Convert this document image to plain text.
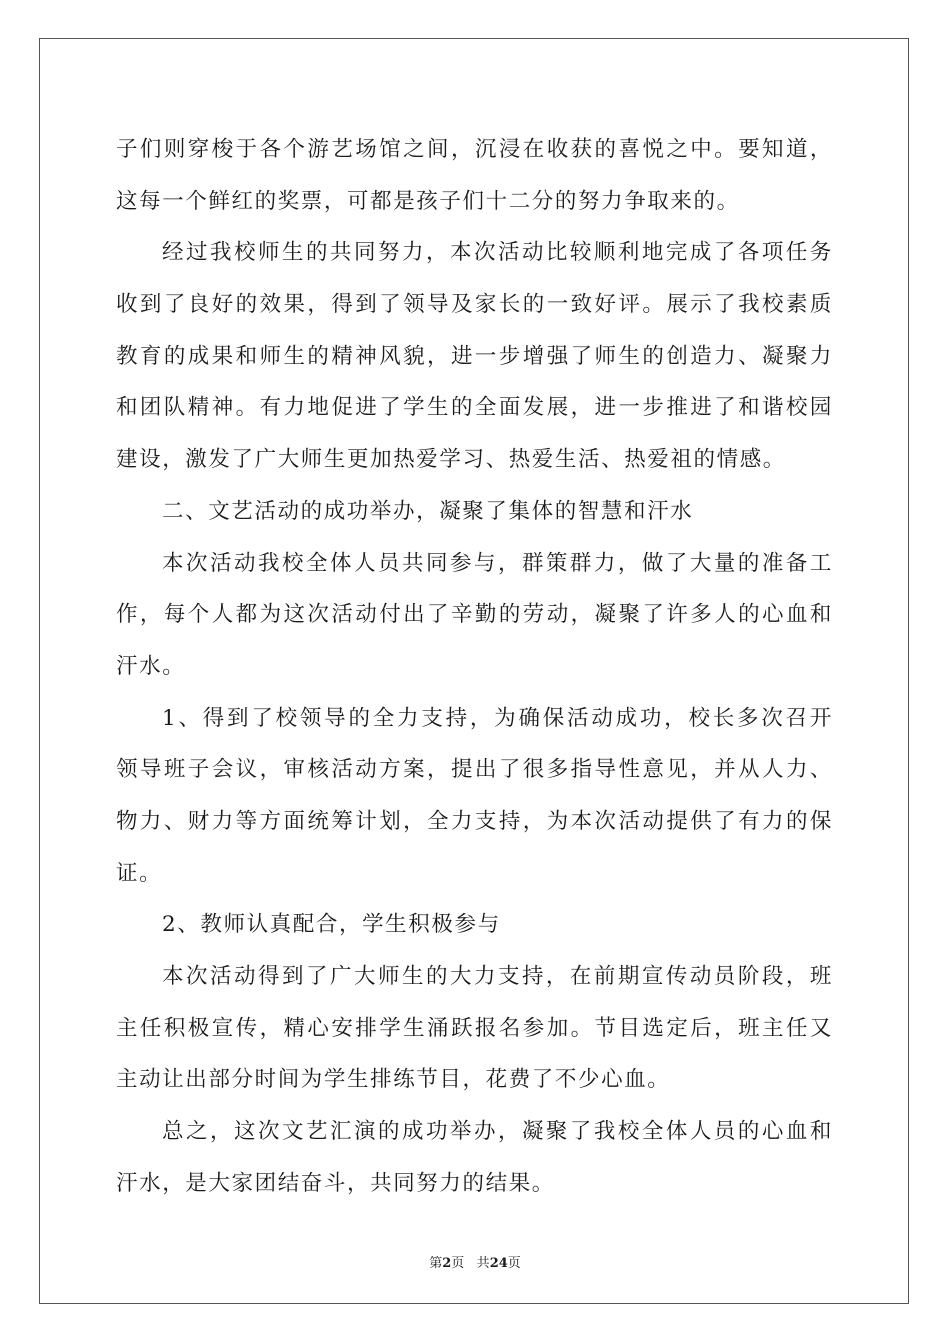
子们则穿梭于各个游艺场馆之间，沉浸在收获的喜悦之中。要知道，
这每一个鲜红的奖票，可都是孩子们十二分的努力争取来的。
经过我校师生的共同努力，本次活动比较顺利地完成了各项任务
收到了良好的效果，得到了领导及家长的一致好评。展示了我校素质
教育的成果和师生的精神风貌，进一步增强了师生的创造力、凝聚力
和团队精神。有力地促进了学生的全面发展，进一步推进了和谐校园
建设，激发了广大师生更加热爱学习、热爱生活、热爱祖的情感。
二、文艺活动的成功举办，凝聚了集体的智慧和汗水
本次活动我校全体人员共同参与，群策群力，做了大量的准备工
作，每个人都为这次活动付出了辛勤的劳动，凝聚了许多人的心血和
汗水。
1、得到了校领导的全力支持，为确保活动成功，校长多次召开
领导班子会议，审核活动方案，提出了很多指导性意见，并从人力、
物力、财力等方面统筹计划，全力支持，为本次活动提供了有力的保
证。
2、教师认真配合，学生积极参与
本次活动得到了广大师生的大力支持，在前期宣传动员阶段，班
主任积极宣传，精心安排学生涌跃报名参加。节目选定后，班主任又
主动让出部分时间为学生排练节目，花费了不少心血。
总之，这次文艺汇演的成功举办，凝聚了我校全体人员的心血和
汗水，是大家团结奋斗，共同努力的结果。
第2页 共24页
